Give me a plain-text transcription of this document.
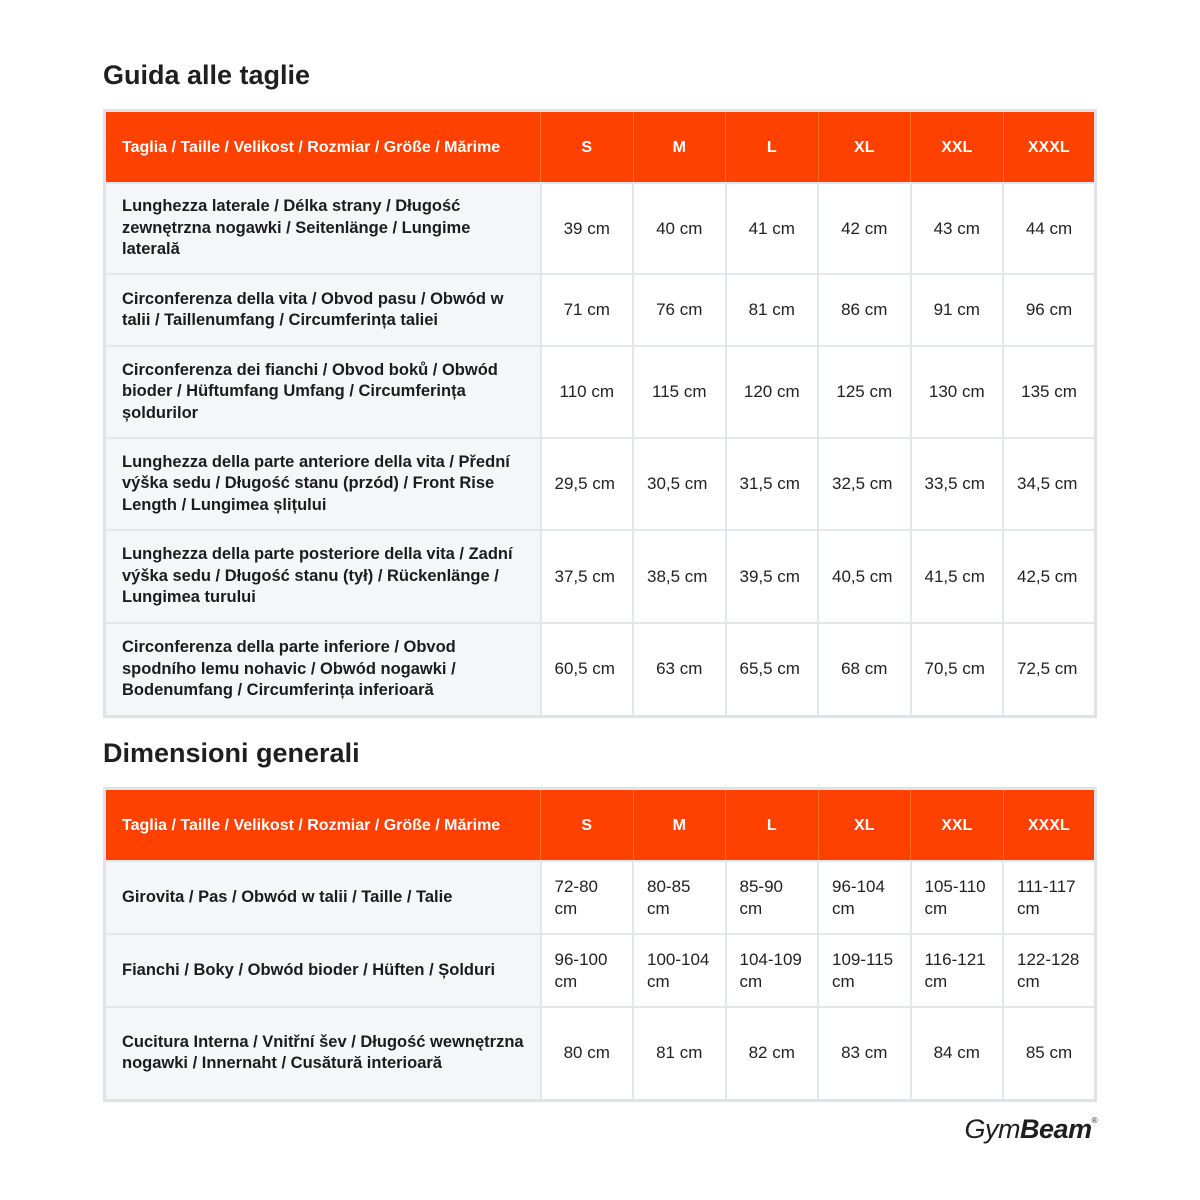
Guida alle taglie
Taglia / Taille / Velikost / Rozmiar / Größe / Mărime	S	M	L	XL	XXL	XXXL
Lunghezza laterale / Délka strany / Długość zewnętrzna nogawki / Seitenlänge / Lungime laterală	39 cm	40 cm	41 cm	42 cm	43 cm	44 cm
Circonferenza della vita / Obvod pasu / Obwód w talii / Taillenumfang / Circumferința taliei	71 cm	76 cm	81 cm	86 cm	91 cm	96 cm
Circonferenza dei fianchi / Obvod boků / Obwód bioder / Hüftumfang Umfang / Circumferința șoldurilor	110 cm	115 cm	120 cm	125 cm	130 cm	135 cm
Lunghezza della parte anteriore della vita / Přední výška sedu / Długość stanu (przód) / Front Rise Length / Lungimea șlițului	29,5 cm	30,5 cm	31,5 cm	32,5 cm	33,5 cm	34,5 cm
Lunghezza della parte posteriore della vita / Zadní výška sedu / Długość stanu (tył) / Rückenlänge / Lungimea turului	37,5 cm	38,5 cm	39,5 cm	40,5 cm	41,5 cm	42,5 cm
Circonferenza della parte inferiore / Obvod spodního lemu nohavic / Obwód nogawki / Bodenumfang / Circumferința inferioară	60,5 cm	63 cm	65,5 cm	68 cm	70,5 cm	72,5 cm
Dimensioni generali
Taglia / Taille / Velikost / Rozmiar / Größe / Mărime	S	M	L	XL	XXL	XXXL
Girovita / Pas / Obwód w talii / Taille / Talie	72-80 cm	80-85 cm	85-90 cm	96-104 cm	105-110 cm	111-117 cm
Fianchi / Boky / Obwód bioder / Hüften / Șolduri	96-100 cm	100-104 cm	104-109 cm	109-115 cm	116-121 cm	122-128 cm
Cucitura Interna / Vnitřní šev / Długość wewnętrzna nogawki / Innernaht / Cusătură interioară	80 cm	81 cm	82 cm	83 cm	84 cm	85 cm
GymBeam®
